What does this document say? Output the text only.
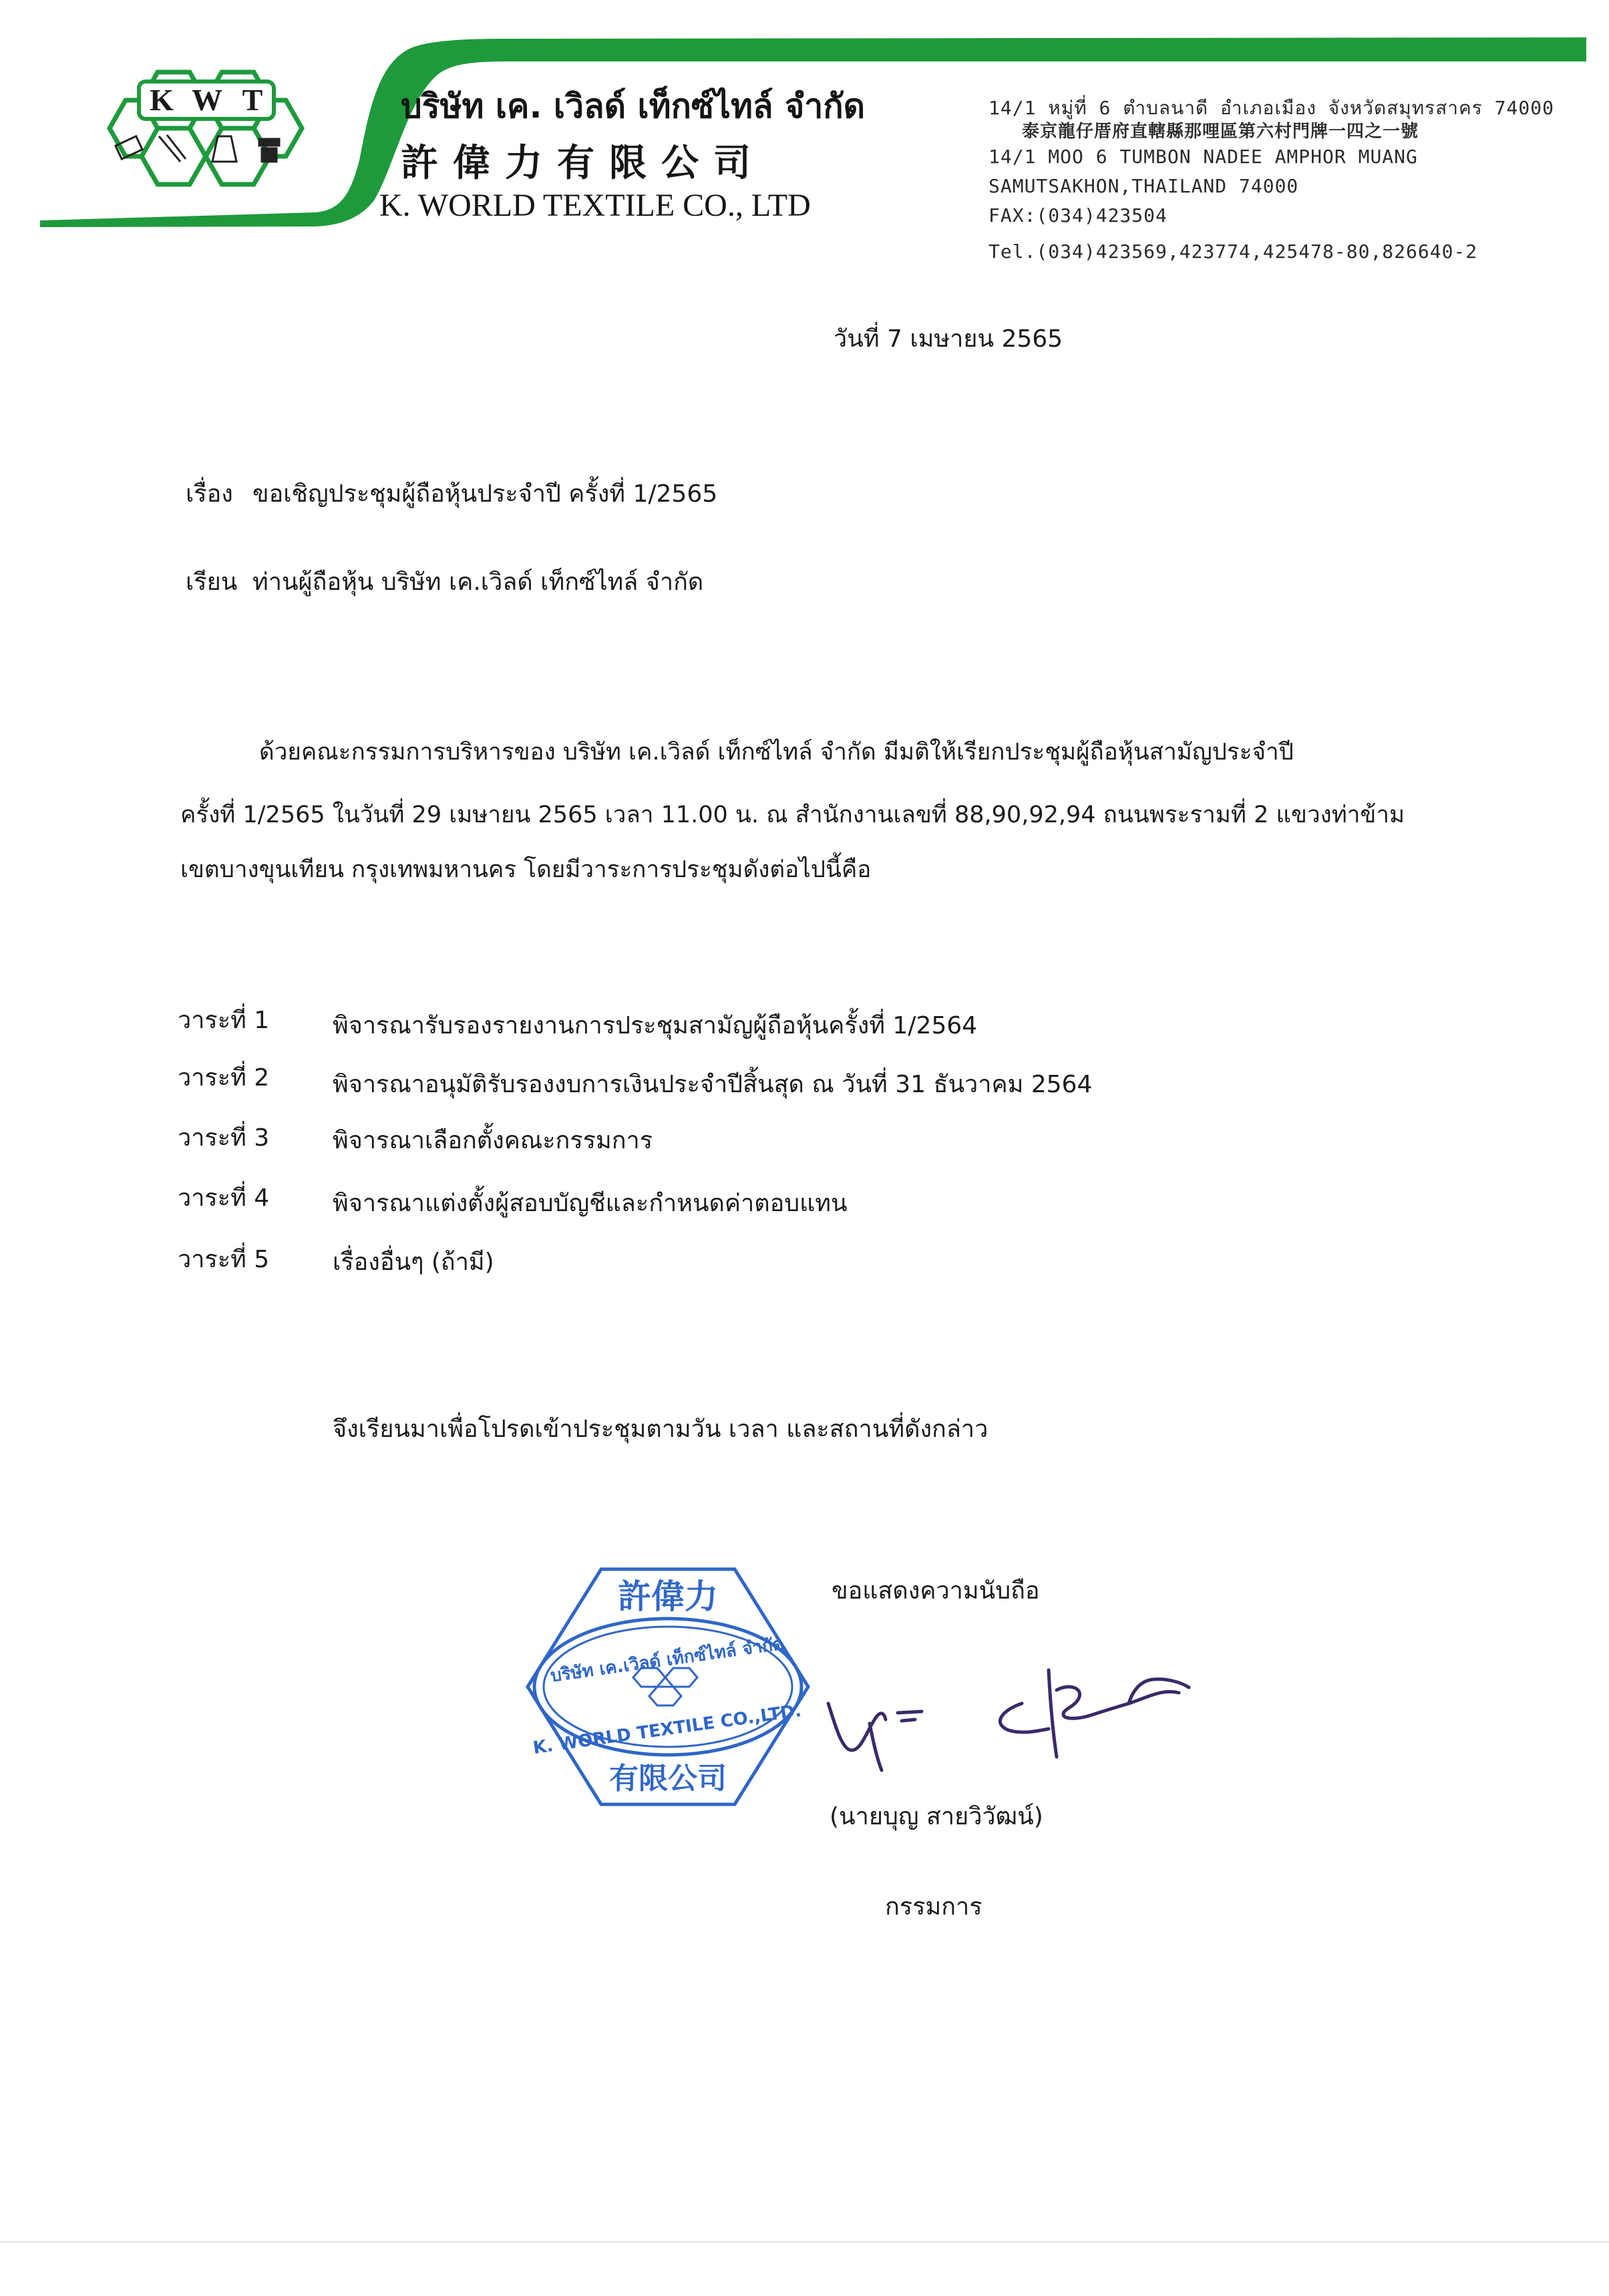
K W T	บริษัท เค. เวิลด์ เท็กซ์ไทล์ จำกัด
許偉力有限公司
K. WORLD TEXTILE CO., LTD
14/1 หมู่ที่ 6 ตำบลนาดี อำเภอเมือง จังหวัดสมุทรสาคร 74000
泰京龍仔厝府直轄縣那哩區第六村門牌一四之一號
14/1 MOO 6 TUMBON NADEE AMPHOR MUANG
SAMUTSAKHON,THAILAND 74000
FAX:(034)423504
Tel.(034)423569,423774,425478-80,826640-2
วันที่ 7 เมษายน 2565
เรื่อง ขอเชิญประชุมผู้ถือหุ้นประจำปี ครั้งที่ 1/2565
เรียน ท่านผู้ถือหุ้น บริษัท เค.เวิลด์ เท็กซ์ไทล์ จำกัด
ด้วยคณะกรรมการบริหารของ บริษัท เค.เวิลด์ เท็กซ์ไทล์ จำกัด มีมติให้เรียกประชุมผู้ถือหุ้นสามัญประจำปี
ครั้งที่ 1/2565 ในวันที่ 29 เมษายน 2565 เวลา 11.00 น. ณ สำนักงานเลขที่ 88,90,92,94 ถนนพระรามที่ 2 แขวงท่าข้าม
เขตบางขุนเทียน กรุงเทพมหานคร โดยมีวาระการประชุมดังต่อไปนี้คือ
วาระที่ 1	พิจารณารับรองรายงานการประชุมสามัญผู้ถือหุ้นครั้งที่ 1/2564
วาระที่ 2	พิจารณาอนุมัติรับรองงบการเงินประจำปีสิ้นสุด ณ วันที่ 31 ธันวาคม 2564
วาระที่ 3	พิจารณาเลือกตั้งคณะกรรมการ
วาระที่ 4	พิจารณาแต่งตั้งผู้สอบบัญชีและกำหนดค่าตอบแทน
วาระที่ 5	เรื่องอื่นๆ (ถ้ามี)
จึงเรียนมาเพื่อโปรดเข้าประชุมตามวัน เวลา และสถานที่ดังกล่าว
ขอแสดงความนับถือ
許偉力
บริษัท เค.เวิลด์ เท็กซ์ไทล์ จำกัด
K. WORLD TEXTILE CO.,LTD.
有限公司
(นายบุญ สายวิวัฒน์)
กรรมการ
